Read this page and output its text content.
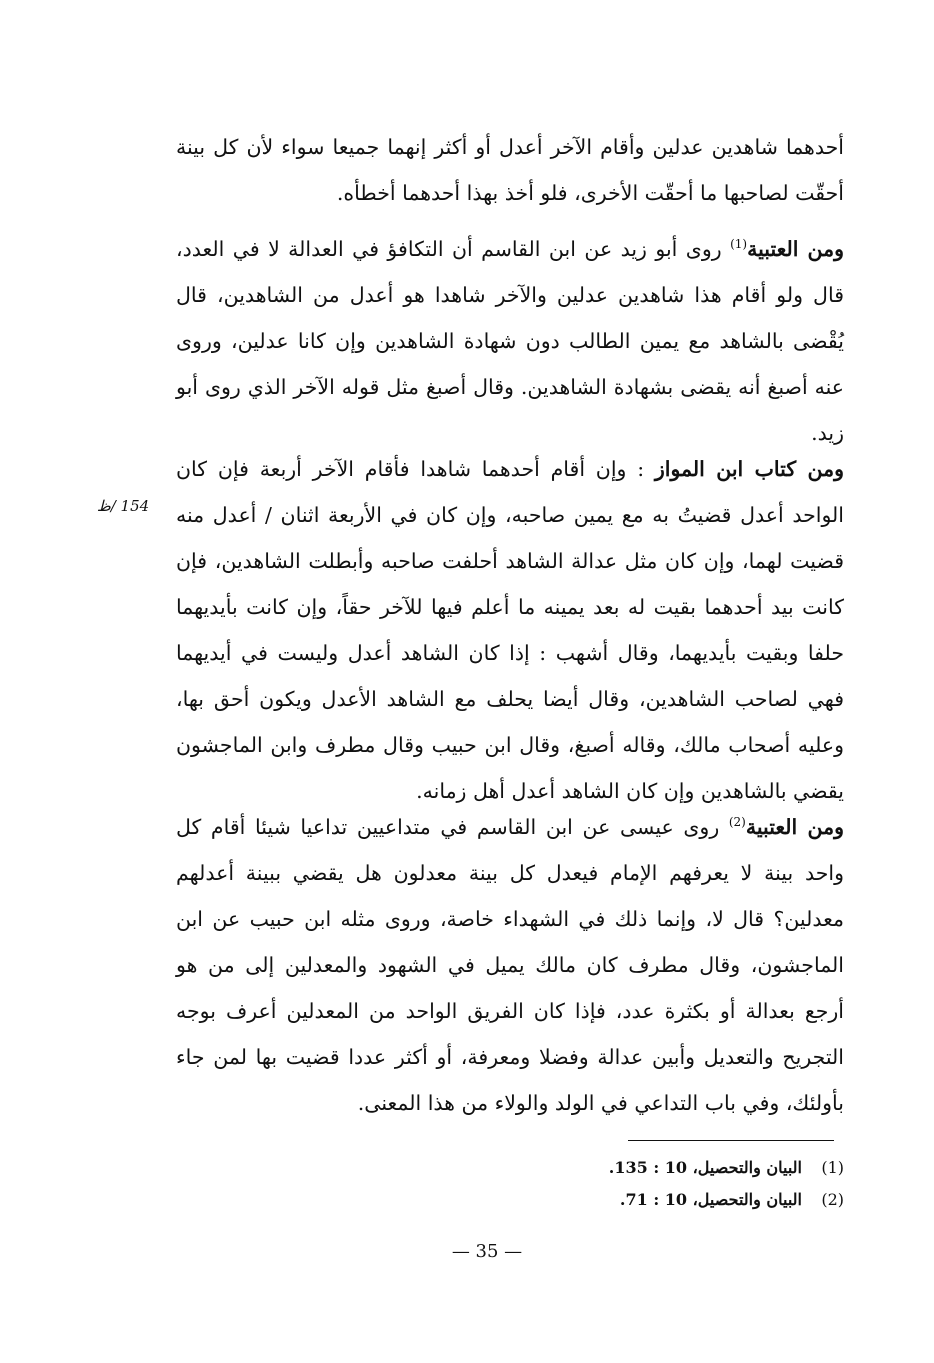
أحدهما شاهدين عدلين وأقام الآخر أعدل أو أكثر إنهما جميعا سواء لأن كل بينة أحقّت لصاحبها ما أحقّت الأخرى، فلو أخذ بهذا أحدهما أخطأه.

ومن العتبية$^{(1)}$ روى أبو زيد عن ابن القاسم أن التكافؤ في العدالة لا في العدد، قال ولو أقام هذا شاهدين عدلين والآخر شاهدا هو أعدل من الشاهدين، قال يُقْضى بالشاهد مع يمين الطالب دون شهادة الشاهدين وإن كانا عدلين، وروى عنه أصبغ أنه يقضى بشهادة الشاهدين. وقال أصبغ مثل قوله الآخر الذي روى أبو زيد.

ومن كتاب ابن المواز : وإن أقام أحدهما شاهدا فأقام الآخر أربعة فإن كان الواحد أعدل قضيتُ به مع يمين صاحبه، وإن كان في الأربعة اثنان / أعدل منه قضيت لهما، وإن كان مثل عدالة الشاهد أحلفت صاحبه وأبطلت الشاهدين، فإن كانت بيد أحدهما بقيت له بعد يمينه ما أعلم فيها للآخر حقاً، وإن كانت بأيديهما حلفا وبقيت بأيديهما، وقال أشهب : إذا كان الشاهد أعدل وليست في أيديهما فهي لصاحب الشاهدين، وقال أيضا يحلف مع الشاهد الأعدل ويكون أحق بها، وعليه أصحاب مالك، وقاله أصبغ، وقال ابن حبيب وقال مطرف وابن الماجشون يقضي بالشاهدين وإن كان الشاهد أعدل أهل زمانه.

154 /ظ

ومن العتبية$^{(2)}$ روى عيسى عن ابن القاسم في متداعيين تداعيا شيئا أقام كل واحد بينة لا يعرفهم الإمام فيعدل كل بينة معدلون هل يقضي ببينة أعدلهم معدلين؟ قال لا، وإنما ذلك في الشهداء خاصة، وروى مثله ابن حبيب عن ابن الماجشون، وقال مطرف كان مالك يميل في الشهود والمعدلين إلى من هو أرجع بعدالة أو بكثرة عدد، فإذا كان الفريق الواحد من المعدلين أعرف بوجه التجريح والتعديل وأبين عدالة وفضلا ومعرفة، أو أكثر عددا قضيت بها لمن جاء بأولئك، وفي باب التداعي في الولد والولاء من هذا المعنى.

(1)
البيان والتحصيل، 10 : 135.
(2)
البيان والتحصيل، 10 : 71.
— 35 —
